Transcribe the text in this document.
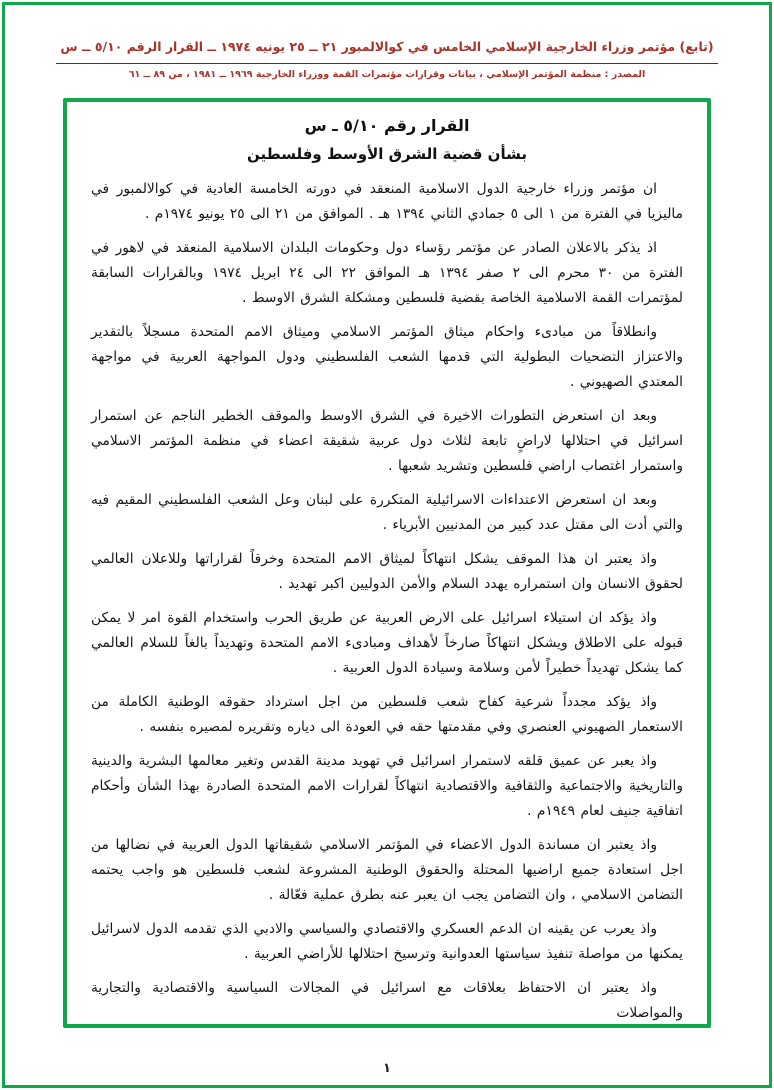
(تابع) مؤتمر وزراء الخارجية الإسلامي الخامس في كوالالمبور ٢١ ــ ٢٥ يونيه ١٩٧٤ ــ القرار الرقم ٥/١٠ ــ س
المصدر : منظمة المؤتمر الإسلامي ، بيانات وقرارات مؤتمرات القمة ووزراء الخارجية ١٩٦٩ ــ ١٩٨١ ، من ٨٩ ــ ٦١
القرار رقم ٥/١٠ ـ س
بشأن قضية الشرق الأوسط وفلسطين

ان مؤتمر وزراء خارجية الدول الاسلامية المنعقد في دورته الخامسة العادية في كوالالمبور في ماليزيا في الفترة من ١ الى ٥ جمادي الثاني ١٣٩٤ هـ . الموافق من ٢١ الى ٢٥ يونيو ١٩٧٤م .

اذ يذكر بالاعلان الصادر عن مؤتمر رؤساء دول وحكومات البلدان الاسلامية المنعقد في لاهور في الفترة من ٣٠ محرم الى ٢ صفر ١٣٩٤ هـ الموافق ٢٢ الى ٢٤ ابريل ١٩٧٤ وبالقرارات السابقة لمؤتمرات القمة الاسلامية الخاصة بقضية فلسطين ومشكلة الشرق الاوسط .

وانطلاقاً من مبادىء واحكام ميثاق المؤتمر الاسلامي وميثاق الامم المتحدة مسجلاً بالتقدير والاعتزاز التضحيات البطولية التي قدمها الشعب الفلسطيني ودول المواجهة العربية في مواجهة المعتدي الصهيوني .

وبعد ان استعرض التطورات الاخيرة في الشرق الاوسط والموقف الخطير الناجم عن استمرار اسرائيل في احتلالها لاراضٍ تابعة لثلاث دول عربية شقيقة اعضاء في منظمة المؤتمر الاسلامي واستمرار اغتصاب اراضي فلسطين وتشريد شعبها .

وبعد ان استعرض الاعتداءات الاسرائيلية المتكررة على لبنان وعل الشعب الفلسطيني المقيم فيه والتي أدت الى مقتل عدد كبير من المدنيين الأبرياء .

واذ يعتبر ان هذا الموقف يشكل انتهاكاً لميثاق الامم المتحدة وخرقاً لقراراتها وللاعلان العالمي لحقوق الانسان وان استمراره يهدد السلام والأمن الدوليين اكبر تهديد .

واذ يؤكد ان استيلاء اسرائيل على الارض العربية عن طريق الحرب واستخدام القوة امر لا يمكن قبوله على الاطلاق ويشكل انتهاكاً صارخاً لأهداف ومبادىء الامم المتحدة وتهديداً بالغاً للسلام العالمي كما يشكل تهديداً خطيراً لأمن وسلامة وسيادة الدول العربية .

واذ يؤكد مجدداً شرعية كفاح شعب فلسطين من اجل استرداد حقوقه الوطنية الكاملة من الاستعمار الصهيوني العنصري وفي مقدمتها حقه في العودة الى دياره وتقريره لمصيره بنفسه .

واذ يعبر عن عميق قلقه لاستمرار اسرائيل في تهويد مدينة القدس وتغير معالمها البشرية والدينية والتاريخية والاجتماعية والثقافية والاقتصادية انتهاكاً لقرارات الامم المتحدة الصادرة بهذا الشأن وأحكام اتفاقية جنيف لعام ١٩٤٩م .

واذ يعتبر ان مساندة الدول الاعضاء في المؤتمر الاسلامي شقيقاتها الدول العربية في نضالها من اجل استعادة جميع اراضيها المحتلة والحقوق الوطنية المشروعة لشعب فلسطين هو واجب يحتمه التضامن الاسلامي ، وان التضامن يجب ان يعبر عنه بطرق عملية فعّالة .

واذ يعرب عن يقينه ان الدعم العسكري والاقتصادي والسياسي والادبي الذي تقدمه الدول لاسرائيل يمكنها من مواصلة تنفيذ سياستها العدوانية وترسيخ احتلالها للأراضي العربية .

واذ يعتبر ان الاحتفاظ بعلاقات مع اسرائيل في المجالات السياسية والاقتصادية والتجارية والمواصلات

١
